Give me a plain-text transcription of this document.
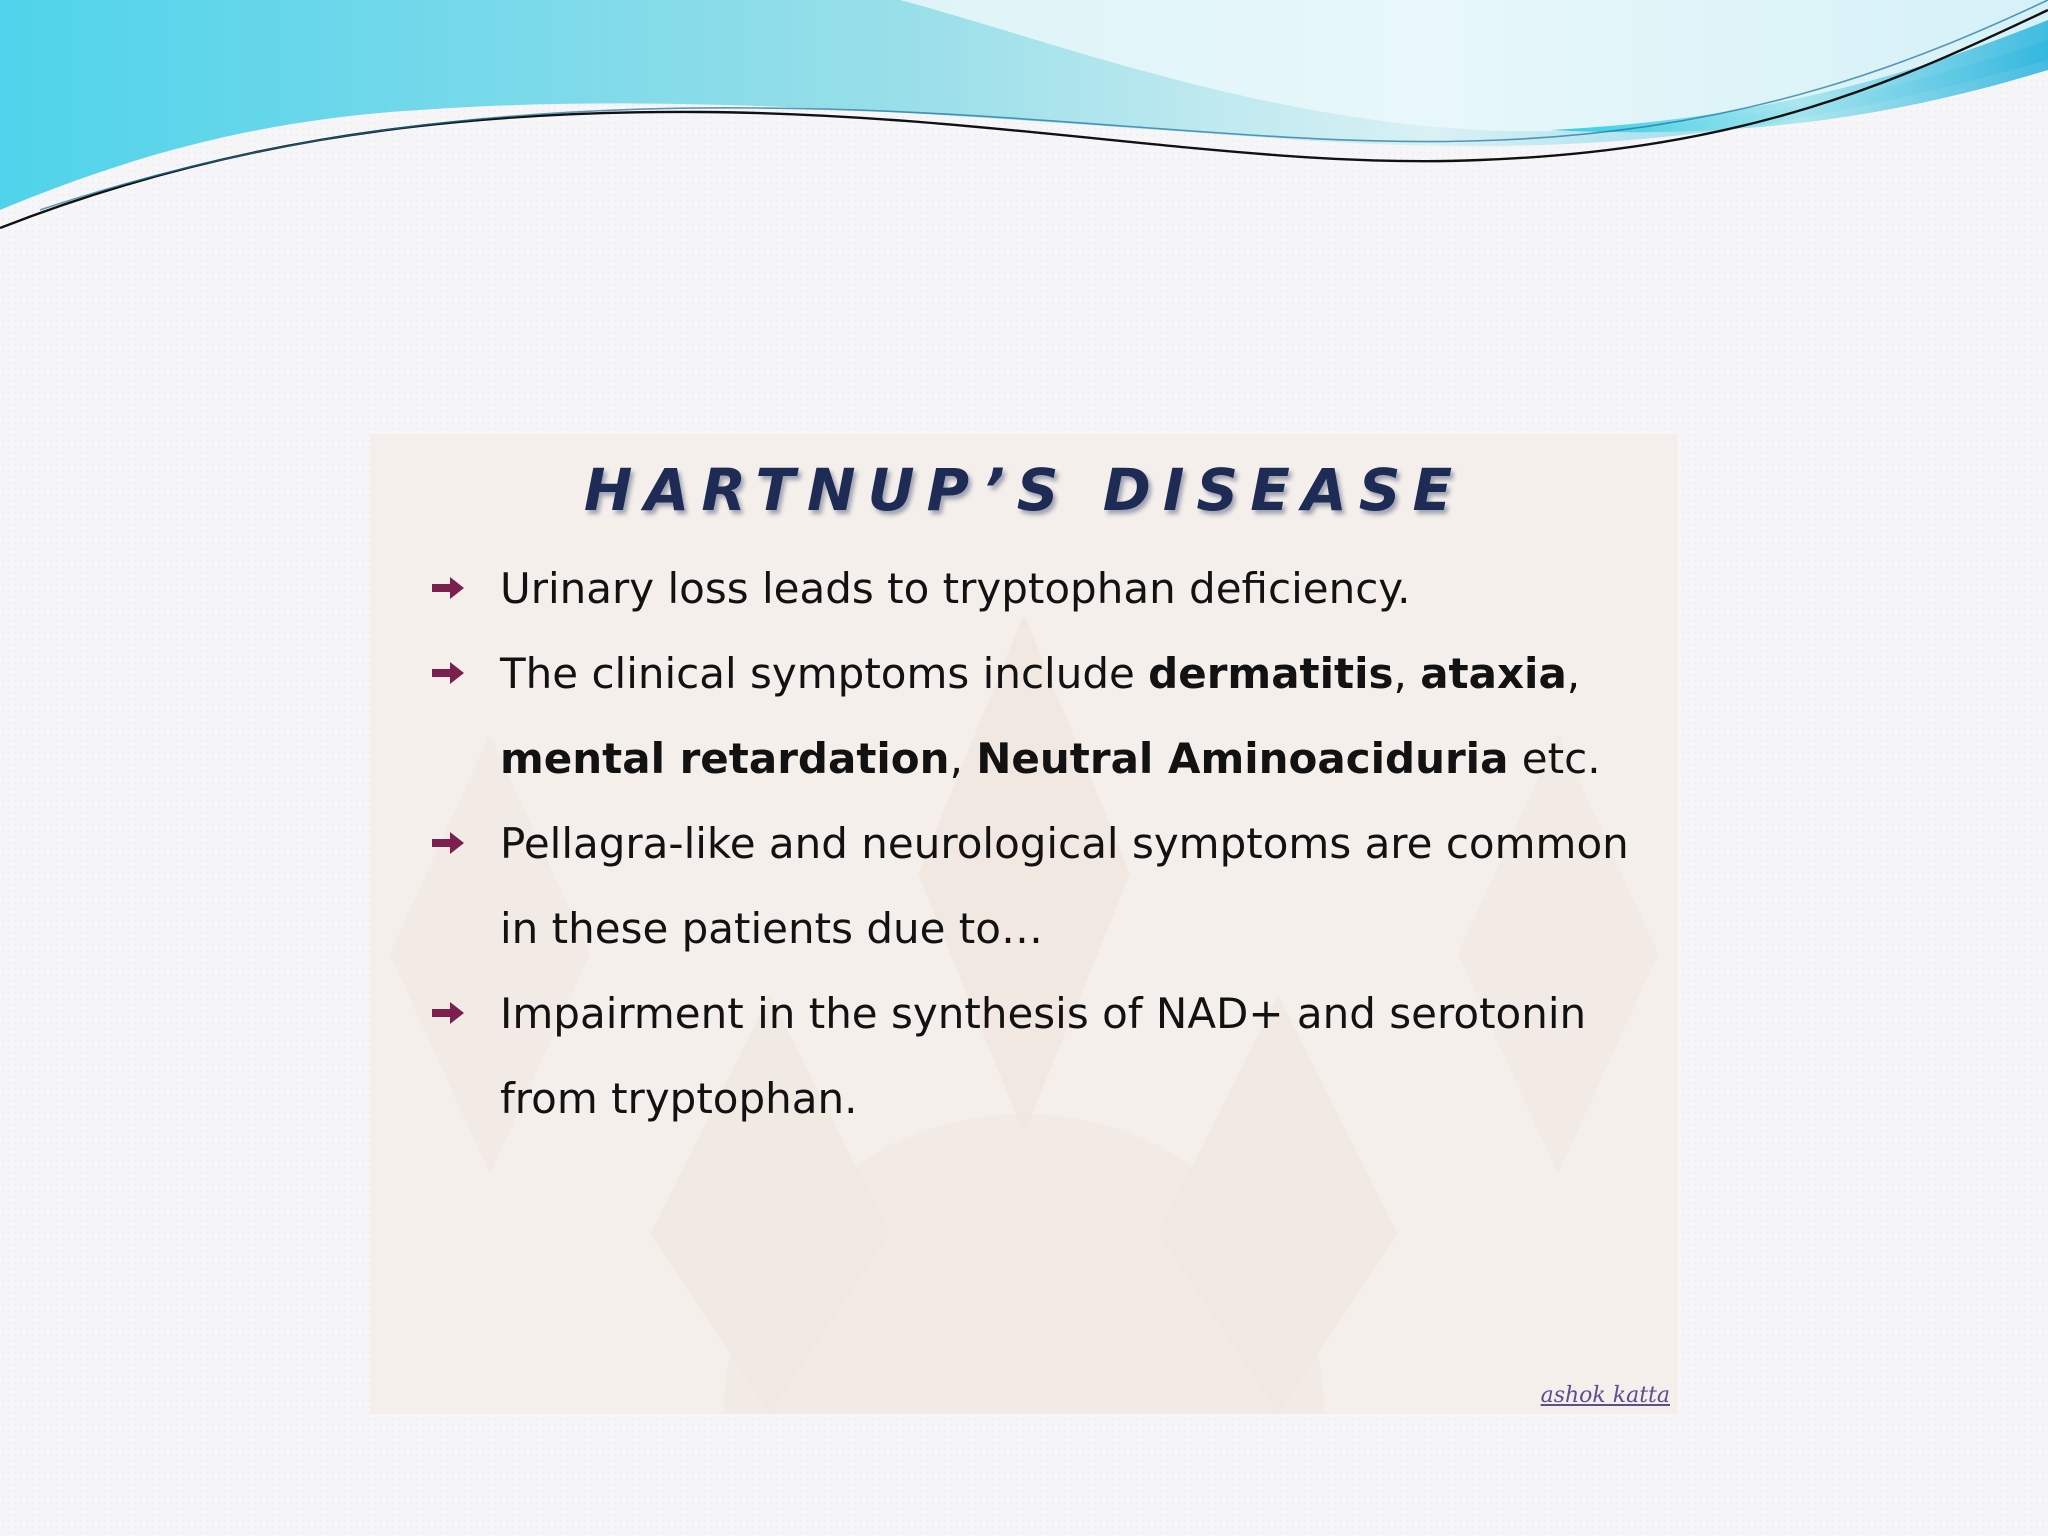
HARTNUP’S DISEASE
Urinary loss leads to tryptophan deficiency.
The clinical symptoms include dermatitis, ataxia, mental retardation, Neutral Aminoaciduria etc.
Pellagra-like and neurological symptoms are common in these patients due to…
Impairment in the synthesis of NAD+ and serotonin from tryptophan.
ashok katta
